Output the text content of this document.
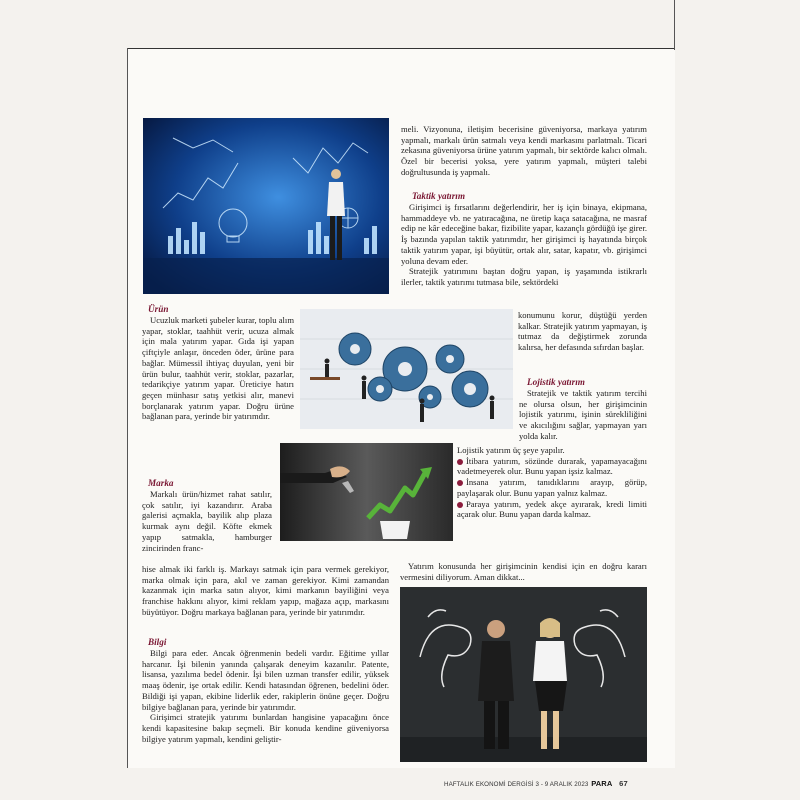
Ürün

Ucuzluk marketi şubeler kurar, toplu alım yapar, stoklar, taahhüt verir, ucuza almak için mala yatırım yapar. Gıda işi yapan çiftçiyle anlaşır, önceden öder, ürüne para bağlar. Mümessil ihtiyaç duyulan, yeni bir ürün bulur, taahhüt verir, stoklar, pazarlar, tedarikçiye yatırım yapar. Üreticiye hatırı geçen münhasır satış yetkisi alır, manevi borçlanarak yatırım yapar. Doğru ürüne bağlanan para, yerinde bir yatırımdır.

Marka

Markalı ürün/hizmet rahat satılır, çok satılır, iyi kazandırır. Araba galerisi açmakla, bayilik alıp plaza kurmak aynı değil. Köfte ekmek yapıp satmakla, hamburger zincirinden franc-

hise almak iki farklı iş. Markayı satmak için para vermek gerekiyor, marka olmak için para, akıl ve zaman gerekiyor. Kimi zamandan kazanmak için marka satın alıyor, kimi markanın bayiliğini veya franchise hakkını alıyor, kimi reklam yapıp, mağaza açıp, markasını büyütüyor. Doğru markaya bağlanan para, yerinde bir yatırımdır.

Bilgi

Bilgi para eder. Ancak öğrenmenin bedeli vardır. Eğitime yıllar harcanır. İşi bilenin yanında çalışarak deneyim kazanılır. Patente, lisansa, yazılıma bedel ödenir. İşi bilen uzman transfer edilir, yüksek maaş ödenir, işe ortak edilir. Kendi hatasından öğrenen, bedelini öder. Bildiği işi yapan, ekibine liderlik eder, rakiplerin önüne geçer. Doğru bilgiye bağlanan para, yerinde bir yatırımdır.

Girişimci stratejik yatırımı bunlardan hangisine yapacağını önce kendi kapasitesine bakıp seçmeli. Bir konuda kendine güveniyorsa bilgiye yatırım yapmalı, kendini geliştir-

meli. Vizyonuna, iletişim becerisine güveniyorsa, markaya yatırım yapmalı, markalı ürün satmalı veya kendi markasını parlatmalı. Ticari zekasına güveniyorsa ürüne yatırım yapmalı, bir sektörde kalıcı olmalı. Özel bir becerisi yoksa, yere yatırım yapmalı, müşteri talebi doğrultusunda iş yapmalı.

Taktik yatırım

Girişimci iş fırsatlarını değerlendirir, her iş için binaya, ekipmana, hammaddeye vb. ne yatıracağına, ne üretip kaça satacağına, ne masraf edip ne kâr edeceğine bakar, fizibilite yapar, kazançlı gördüğü işe girer. İş bazında yapılan taktik yatırımdır, her girişimci iş hayatında birçok taktik yatırım yapar, işi büyütür, ortak alır, satar, kapatır, vb. girişimci yoluna devam eder.

Stratejik yatırımını baştan doğru yapan, iş yaşamında istikrarlı ilerler, taktik yatırımı tutmasa bile, sektördeki

konumunu korur, düştüğü yerden kalkar. Stratejik yatırım yapmayan, iş tutmaz da değiştirmek zorunda kalırsa, her defasında sıfırdan başlar.

Lojistik yatırım

Stratejik ve taktik yatırım tercihi ne olursa olsun, her girişimcinin lojistik yatırımı, işinin sürekliliğini ve akıcılığını sağlar, yapmayan yarı yolda kalır.

Lojistik yatırım üç şeye yapılır.

İtibara yatırım, sözünde durarak, yapamayacağını vadetmeyerek olur. Bunu yapan işsiz kalmaz.

İnsana yatırım, tanıdıklarını arayıp, görüp, paylaşarak olur. Bunu yapan yalnız kalmaz.

Paraya yatırım, yedek akçe ayırarak, kredi limiti açarak olur. Bunu yapan darda kalmaz.

Yatırım konusunda her girişimcinin kendisi için en doğru kararı vermesini diliyorum. Aman dikkat...

HAFTALIK EKONOMİ DERGİSİ 3 - 9 ARALIK 2023 PARA 67
